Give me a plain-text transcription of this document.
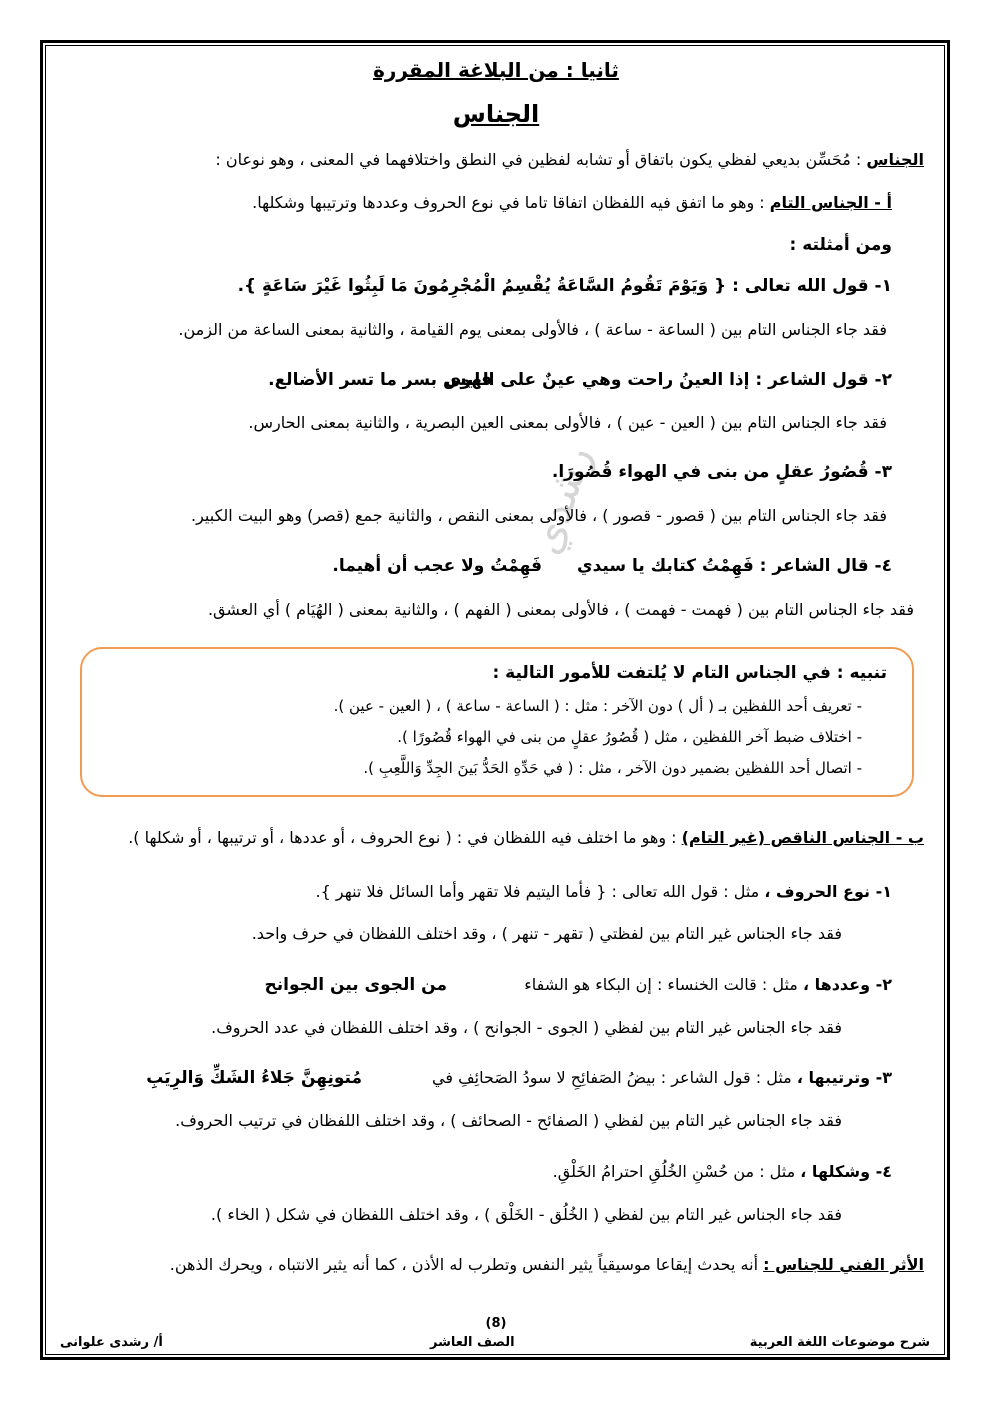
رشدي
ثانيا : من البلاغة المقررة
الجناس
الجناس : مُحَسِّن بديعي لفظي يكون باتفاق أو تشابه لفظين في النطق واختلافهما في المعنى ، وهو نوعان :
أ - الجناس التام : وهو ما اتفق فيه اللفظان اتفاقا تاما في نوع الحروف وعددها وترتيبها وشكلها.
ومن أمثلته :
١- قول الله تعالى : { وَيَوْمَ تَقُومُ السَّاعَةُ يُقْسِمُ الْمُجْرِمُونَ مَا لَبِثُوا غَيْرَ سَاعَةٍ }.
فقد جاء الجناس التام بين ( الساعة - ساعة ) ، فالأولى بمعنى يوم القيامة ، والثانية بمعنى الساعة من الزمن.
٢- قول الشاعر : إذا العينُ راحت وهي عينٌ على الهوى
فليس بسر ما تسر الأضالع.
فقد جاء الجناس التام بين ( العين - عين ) ، فالأولى بمعنى العين البصرية ، والثانية بمعنى الحارس.
٣- قُصُورُ عقلٍ من بنى في الهواء قُصُورَا.
فقد جاء الجناس التام بين ( قصور - قصور ) ، فالأولى بمعنى النقص ، والثانية جمع (قصر) وهو البيت الكبير.
٤- قال الشاعر : فَهِمْتُ كتابك يا سيدي
فَهِمْتُ ولا عجب أن أهيما.
فقد جاء الجناس التام بين ( فهمت - فهمت ) ، فالأولى بمعنى ( الفهم ) ، والثانية بمعنى ( الهُيَام ) أي العشق.
تنبيه : في الجناس التام لا يُلتفت للأمور التالية :
- تعريف أحد اللفظين بـ ( أل ) دون الآخر : مثل : ( الساعة - ساعة ) ، ( العين - عين ).
- اختلاف ضبط آخر اللفظين ، مثل ( قُصُورُ عقلٍ من بنى في الهواء قُصُورًا ).
- اتصال أحد اللفظين بضمير دون الآخر ، مثل : ( في حَدِّهِ الحَدُّ بَينَ الجِدِّ وَاللَّعِبِ ).
ب - الجناس الناقص (غير التام) : وهو ما اختلف فيه اللفظان في : ( نوع الحروف ، أو عددها ، أو ترتيبها ، أو شكلها ).
١- نوع الحروف ، مثل : قول الله تعالى : { فأما اليتيم فلا تقهر وأما السائل فلا تنهر }.
فقد جاء الجناس غير التام بين لفظتي ( تقهر - تنهر ) ، وقد اختلف اللفظان في حرف واحد.
٢- وعددها ، مثل : قالت الخنساء : إن البكاء هو الشفاء
من الجوى بين الجوانح
فقد جاء الجناس غير التام بين لفظي ( الجوى - الجوانح ) ، وقد اختلف اللفظان في عدد الحروف.
٣- وترتيبها ، مثل : قول الشاعر : بيضُ الصَفائِحِ لا سودُ الصَحائِفِ في
مُتونِهِنَّ جَلاءُ الشَكِّ وَالرِيَبِ
فقد جاء الجناس غير التام بين لفظي ( الصفائح - الصحائف ) ، وقد اختلف اللفظان في ترتيب الحروف.
٤- وشكلها ، مثل : من حُسْنِ الخُلُقِ احترامُ الخَلْقِ.
فقد جاء الجناس غير التام بين لفظي ( الخُلُق - الخَلْق ) ، وقد اختلف اللفظان في شكل ( الخاء ).
الأثر الفني للجناس : أنه يحدث إيقاعا موسيقياً يثير النفس وتطرب له الأذن ، كما أنه يثير الانتباه ، ويحرك الذهن.
(8)
شرح موضوعات اللغة العربية
الصف العاشر
أ/ رشدى علوانى
